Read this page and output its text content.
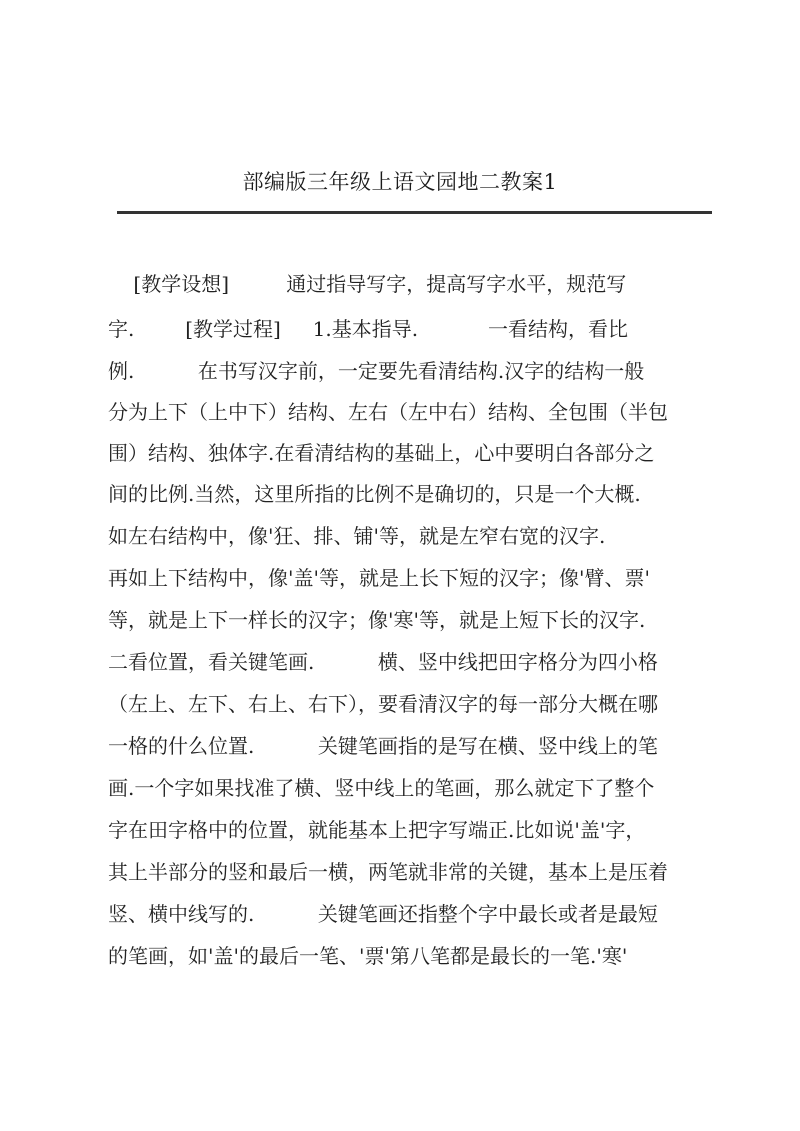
部编版三年级上语文园地二教案1
[教学设想]         通过指导写字，提高写字水平，规范写
字.        [教学过程]     1.基本指导.           一看结构，看比
例.          在书写汉字前，一定要先看清结构.汉字的结构一般
分为上下（上中下）结构、左右（左中右）结构、全包围（半包
围）结构、独体字.在看清结构的基础上，心中要明白各部分之
间的比例.当然，这里所指的比例不是确切的，只是一个大概.
如左右结构中，像'狂、排、铺'等，就是左窄右宽的汉字.
再如上下结构中，像'盖'等，就是上长下短的汉字；像'臂、票'
等，就是上下一样长的汉字；像'寒'等，就是上短下长的汉字.
二看位置，看关键笔画.          横、竖中线把田字格分为四小格
（左上、左下、右上、右下），要看清汉字的每一部分大概在哪
一格的什么位置.          关键笔画指的是写在横、竖中线上的笔
画.一个字如果找准了横、竖中线上的笔画，那么就定下了整个
字在田字格中的位置，就能基本上把字写端正.比如说'盖'字，
其上半部分的竖和最后一横，两笔就非常的关键，基本上是压着
竖、横中线写的.          关键笔画还指整个字中最长或者是最短
的笔画，如'盖'的最后一笔、'票'第八笔都是最长的一笔.'寒'
